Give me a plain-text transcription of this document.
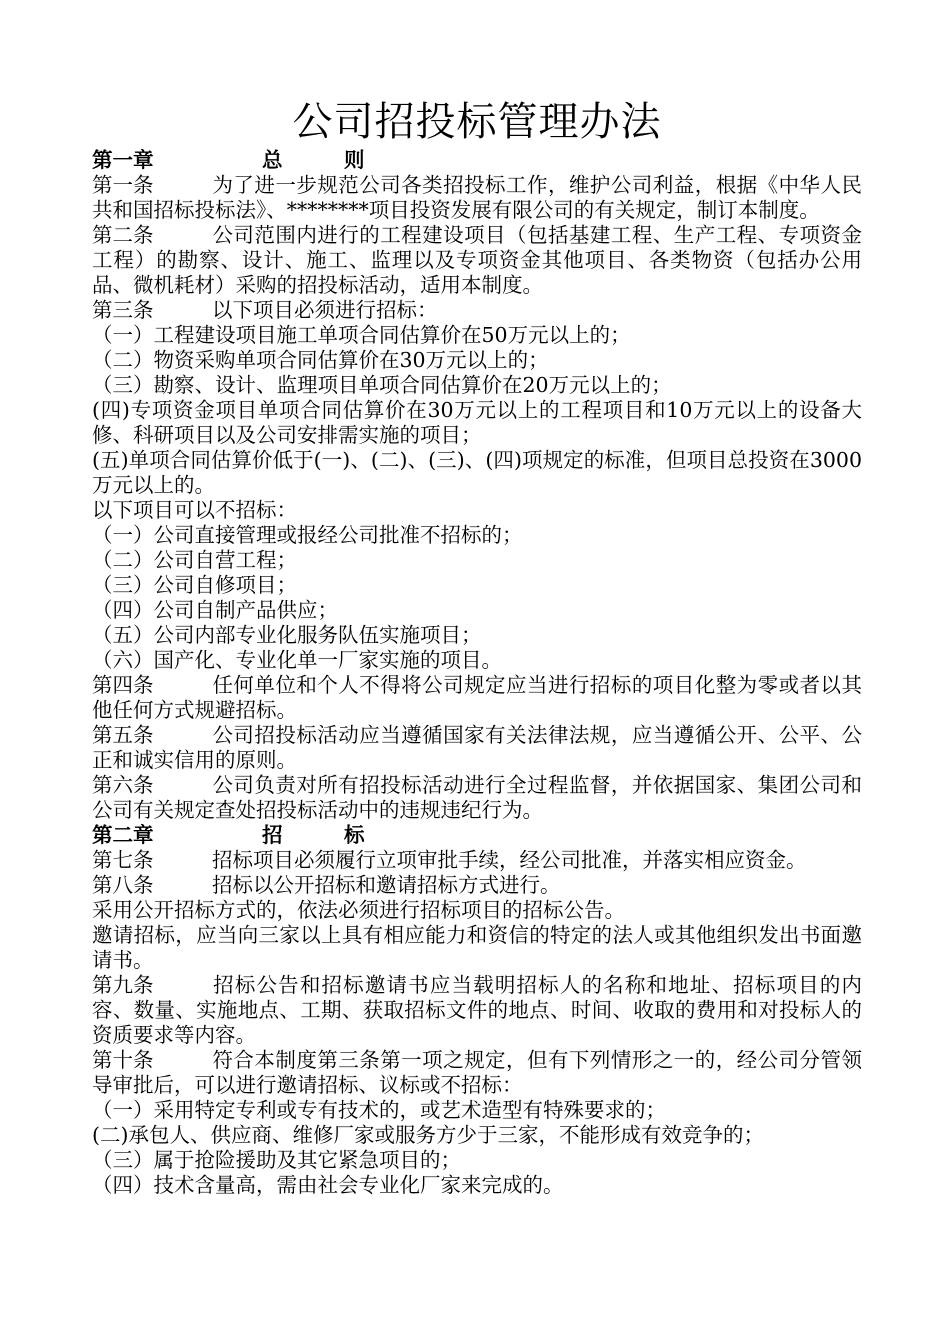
公司招投标管理办法

第一章	总则

第一条	为了进一步规范公司各类招投标工作，维护公司利益，根据《中华人民共和国招标投标法》、********项目投资发展有限公司的有关规定，制订本制度。

第二条	公司范围内进行的工程建设项目（包括基建工程、生产工程、专项资金工程）的勘察、设计、施工、监理以及专项资金其他项目、各类物资（包括办公用品、微机耗材）采购的招投标活动，适用本制度。

第三条	以下项目必须进行招标：

（一）工程建设项目施工单项合同估算价在50万元以上的；

（二）物资采购单项合同估算价在30万元以上的；

（三）勘察、设计、监理项目单项合同估算价在20万元以上的；

(四)专项资金项目单项合同估算价在30万元以上的工程项目和10万元以上的设备大修、科研项目以及公司安排需实施的项目；

(五)单项合同估算价低于(一)、(二)、(三)、(四)项规定的标准，但项目总投资在3000万元以上的。

以下项目可以不招标：

（一）公司直接管理或报经公司批准不招标的；

（二）公司自营工程；

（三）公司自修项目；

（四）公司自制产品供应；

（五）公司内部专业化服务队伍实施项目；

（六）国产化、专业化单一厂家实施的项目。

第四条	任何单位和个人不得将公司规定应当进行招标的项目化整为零或者以其他任何方式规避招标。

第五条	公司招投标活动应当遵循国家有关法律法规，应当遵循公开、公平、公正和诚实信用的原则。

第六条	公司负责对所有招投标活动进行全过程监督，并依据国家、集团公司和公司有关规定查处招投标活动中的违规违纪行为。

第二章	招标

第七条	招标项目必须履行立项审批手续，经公司批准，并落实相应资金。

第八条	招标以公开招标和邀请招标方式进行。

采用公开招标方式的，依法必须进行招标项目的招标公告。

邀请招标，应当向三家以上具有相应能力和资信的特定的法人或其他组织发出书面邀请书。

第九条	招标公告和招标邀请书应当载明招标人的名称和地址、招标项目的内容、数量、实施地点、工期、获取招标文件的地点、时间、收取的费用和对投标人的资质要求等内容。

第十条	符合本制度第三条第一项之规定，但有下列情形之一的，经公司分管领导审批后，可以进行邀请招标、议标或不招标：

（一）采用特定专利或专有技术的，或艺术造型有特殊要求的；

(二)承包人、供应商、维修厂家或服务方少于三家，不能形成有效竞争的；

（三）属于抢险援助及其它紧急项目的；

（四）技术含量高，需由社会专业化厂家来完成的。
